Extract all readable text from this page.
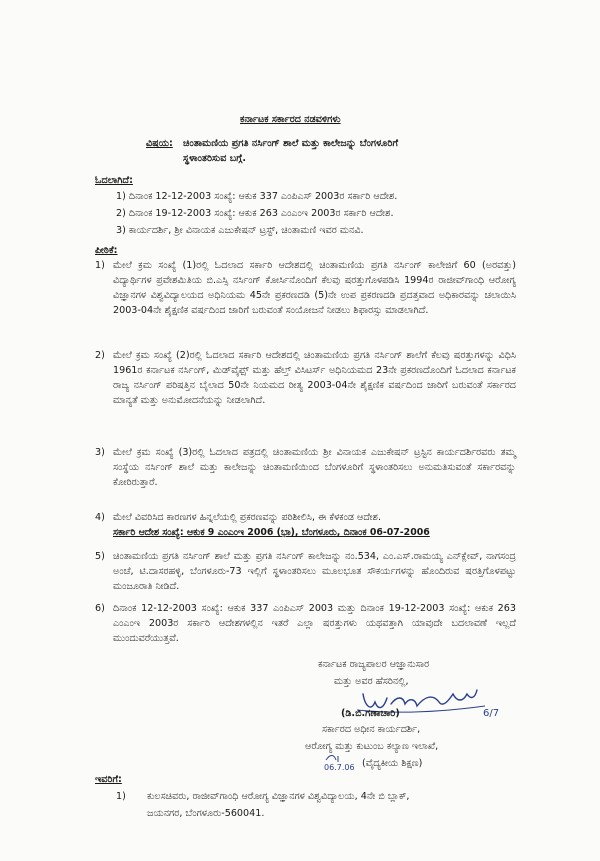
ಕರ್ನಾಟಕ ಸರ್ಕಾರದ ನಡವಳಿಗಳು
ವಿಷಯ: ಚಿಂತಾಮಣಿಯ ಪ್ರಗತಿ ನರ್ಸಿಂಗ್ ಶಾಲೆ ಮತ್ತು ಕಾಲೇಜನ್ನು ಬೆಂಗಳೂರಿಗೆ
ಸ್ಥಳಾಂತರಿಸುವ ಬಗ್ಗೆ.
ಓದಲಾಗಿದೆ:
1) ದಿನಾಂಕ 12-12-2003 ಸಂಖ್ಯೆ: ಆಕುಕ 337 ಎಂಪಿಎಸ್ 2003ರ ಸರ್ಕಾರಿ ಆದೇಶ.
2) ದಿನಾಂಕ 19-12-2003 ಸಂಖ್ಯೆ: ಆಕುಕ 263 ಎಂಎಂಇ 2003ರ ಸರ್ಕಾರಿ ಆದೇಶ.
3) ಕಾರ್ಯದರ್ಶಿ, ಶ್ರೀ ವಿನಾಯಕ ಎಜುಕೇಷನ್ ಟ್ರಸ್ಟ್, ಚಿಂತಾಮಣಿ ಇವರ ಮನವಿ.
ಪೀಠಿಕೆ:
1) ಮೇಲೆ ಕ್ರಮ ಸಂಖ್ಯೆ (1)ರಲ್ಲಿ ಓದಲಾದ ಸರ್ಕಾರಿ ಆದೇಶದಲ್ಲಿ ಚಿಂತಾಮಣಿಯ ಪ್ರಗತಿ ನರ್ಸಿಂಗ್ ಕಾಲೇಜಿಗೆ 60 (ಅರವತ್ತು) ವಿದ್ಯಾರ್ಥಿಗಳ ಪ್ರವೇಶಮಿತಿಯ ಬಿ.ಎಸ್ಸಿ ನರ್ಸಿಂಗ್ ಕೋರ್ಸಿನೊಂದಿಗೆ ಕೆಲವು ಷರತ್ತುಗೊಳಪಡಿಸಿ 1994ರ ರಾಜೀವ್‌ಗಾಂಧಿ ಆರೋಗ್ಯ ವಿಜ್ಞಾನಗಳ ವಿಶ್ವವಿದ್ಯಾಲಯದ ಅಧಿನಿಯಮ 45ನೇ ಪ್ರಕರಣದಡಿ (5)ನೇ ಉಪ ಪ್ರಕರಣದಡಿ ಪ್ರದತ್ತವಾದ ಅಧಿಕಾರವನ್ನು ಚಲಾಯಿಸಿ 2003-04ನೇ ಶೈಕ್ಷಣಿಕ ವರ್ಷದಿಂದ ಜಾರಿಗೆ ಬರುವಂತೆ ಸಂಯೋಜನೆ ನೀಡಲು ಶಿಫಾರಸ್ಸು ಮಾಡಲಾಗಿದೆ.
2) ಮೇಲೆ ಕ್ರಮ ಸಂಖ್ಯೆ (2)ರಲ್ಲಿ ಓದಲಾದ ಸರ್ಕಾರಿ ಆದೇಶದಲ್ಲಿ ಚಿಂತಾಮಣಿಯ ಪ್ರಗತಿ ನರ್ಸಿಂಗ್ ಶಾಲೆಗೆ ಕೆಲವು ಷರತ್ತುಗಳನ್ನು ವಿಧಿಸಿ 1961ರ ಕರ್ನಾಟಕ ನರ್ಸಿಂಗ್, ಮಿಡ್‌ವೈಫ್ಸ್ ಮತ್ತು ಹೆಲ್ತ್ ವಿಸಿಟರ್ಸ್ ಅಧಿನಿಯಮದ 23ನೇ ಪ್ರಕರಣದೊಂದಿಗೆ ಓದಲಾದ ಕರ್ನಾಟಕ ರಾಜ್ಯ ನರ್ಸಿಂಗ್ ಪರಿಷತ್ತಿನ ಬೈಲಾದ 50ನೇ ನಿಯಮದ ರೀತ್ಯ 2003-04ನೇ ಶೈಕ್ಷಣಿಕ ವರ್ಷದಿಂದ ಜಾರಿಗೆ ಬರುವಂತೆ ಸರ್ಕಾರದ ಮಾನ್ಯತೆ ಮತ್ತು ಅನುಮೋದನೆಯನ್ನು ನೀಡಲಾಗಿದೆ.
3) ಮೇಲೆ ಕ್ರಮ ಸಂಖ್ಯೆ (3)ರಲ್ಲಿ ಓದಲಾದ ಪತ್ರದಲ್ಲಿ ಚಿಂತಾಮಣಿಯ ಶ್ರೀ ವಿನಾಯಕ ಎಜುಕೇಷನ್ ಟ್ರಸ್ಟಿನ ಕಾರ್ಯದರ್ಶಿರವರು ತಮ್ಮ ಸಂಸ್ಥೆಯ ನರ್ಸಿಂಗ್ ಶಾಲೆ ಮತ್ತು ಕಾಲೇಜನ್ನು ಚಿಂತಾಮಣಿಯಿಂದ ಬೆಂಗಳೂರಿಗೆ ಸ್ಥಳಾಂತರಿಸಲು ಅನುಮತಿಸುವಂತೆ ಸರ್ಕಾರವನ್ನು ಕೋರಿರುತ್ತಾರೆ.
4) ಮೇಲೆ ವಿವರಿಸಿದ ಕಾರಣಗಳ ಹಿನ್ನಲೆಯಲ್ಲಿ ಪ್ರಕರಣವನ್ನು ಪರಿಶೀಲಿಸಿ, ಈ ಕೆಳಕಂಡ ಆದೇಶ.
ಸರ್ಕಾರಿ ಆದೇಶ ಸಂಖ್ಯೆ: ಆಕುಕ 9 ಎಂಎಂಇ 2006 (ಭಾ), ಬೆಂಗಳೂರು, ದಿನಾಂಕ 06-07-2006
5) ಚಿಂತಾಮಣಿಯ ಪ್ರಗತಿ ನರ್ಸಿಂಗ್ ಶಾಲೆ ಮತ್ತು ಪ್ರಗತಿ ನರ್ಸಿಂಗ್ ಕಾಲೇಜನ್ನು ನಂ.534, ಎಂ.ಎಸ್.ರಾಮಯ್ಯ ಎನ್‌ಕ್ಲೇವ್, ನಾಗಸಂದ್ರ ಅಂಚೆ, ಟಿ.ದಾಸರಹಳ್ಳಿ, ಬೆಂಗಳೂರು-73 ಇಲ್ಲಿಗೆ ಸ್ಥಳಾಂತರಿಸಲು ಮೂಲಭೂತ ಸೌಕರ್ಯಗಳನ್ನು ಹೊಂದಿರುವ ಷರತ್ತಿಗೊಳಪಟ್ಟು ಮಂಜೂರಾತಿ ನೀಡಿದೆ.
6) ದಿನಾಂಕ 12-12-2003 ಸಂಖ್ಯೆ: ಆಕುಕ 337 ಎಂಪಿಎಸ್ 2003 ಮತ್ತು ದಿನಾಂಕ 19-12-2003 ಸಂಖ್ಯೆ: ಆಕುಕ 263 ಎಂಎಂಇ 2003ರ ಸರ್ಕಾರಿ ಆದೇಶಗಳಲ್ಲಿನ ಇತರೆ ಎಲ್ಲಾ ಷರತ್ತುಗಳು ಯಥವತ್ತಾಗಿ ಯಾವುದೇ ಬದಲಾವಣೆ ಇಲ್ಲದೆ ಮುಂದುವರೆಯುತ್ತವೆ.
ಕರ್ನಾಟಕ ರಾಜ್ಯಪಾಲರ ಆಜ್ಞಾನುಸಾರ
ಮತ್ತು ಅವರ ಹೆಸರಿನಲ್ಲಿ,
6/7
(ಡಿ.ಬಿ.ಗಣಾಚಾರಿ)
ಸರ್ಕಾರದ ಅಧೀನ ಕಾರ್ಯದರ್ಶಿ,
ಆರೋಗ್ಯ ಮತ್ತು ಕುಟುಂಬ ಕಲ್ಯಾಣ ಇಲಾಖೆ,
06.7.06 (ವೈದ್ಯಕೀಯ ಶಿಕ್ಷಣ)
ಇವರಿಗೆ:
1) ಕುಲಸಚಿವರು, ರಾಜೀವ್‌ಗಾಂಧಿ ಆರೋಗ್ಯ ವಿಜ್ಞಾನಗಳ ವಿಶ್ವವಿದ್ಯಾಲಯ, 4ನೇ ಬಿ ಬ್ಲಾಕ್,
ಜಯನಗರ, ಬೆಂಗಳೂರು-560041.
